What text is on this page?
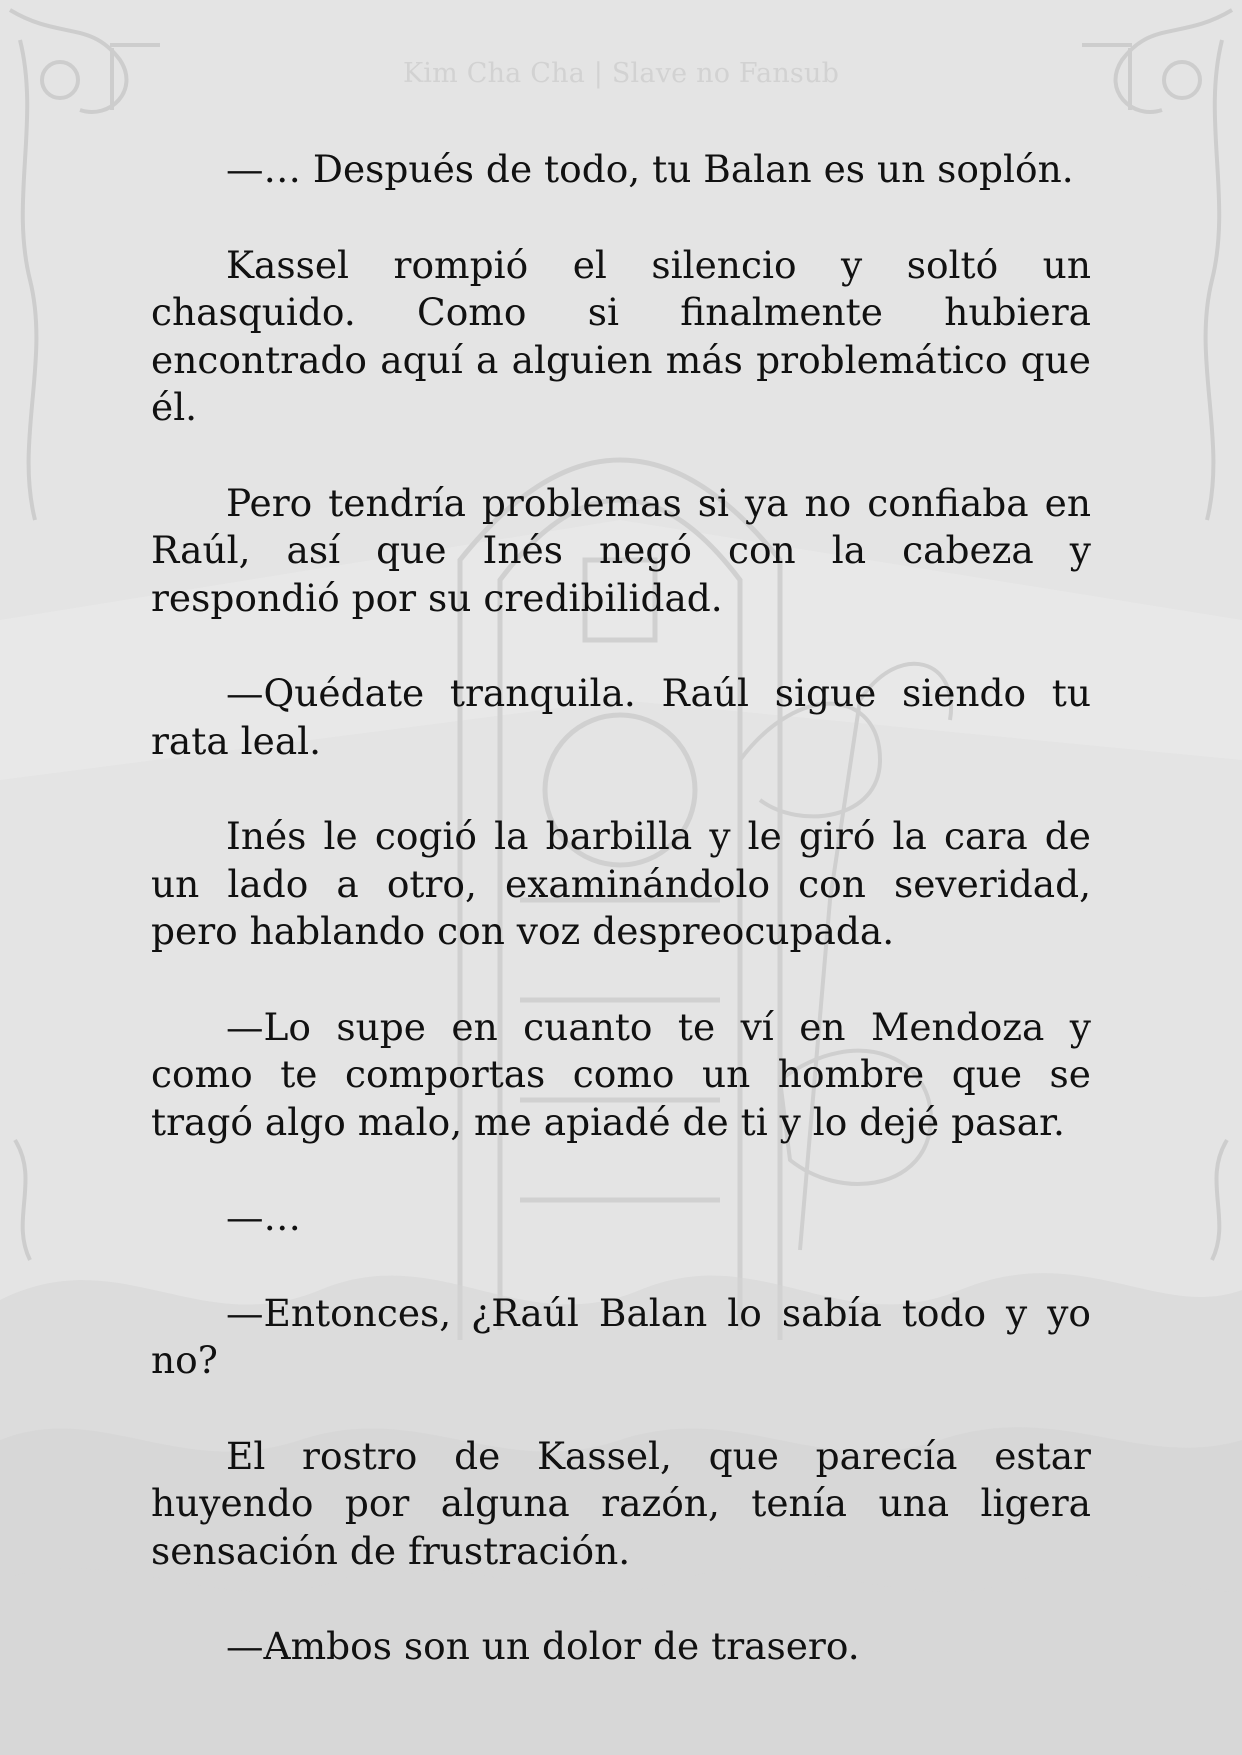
Kim Cha Cha | Slave no Fansub

—… Después de todo, tu Balan es un soplón.

Kassel rompió el silencio y soltó un chasquido. Como si finalmente hubiera encontrado aquí a alguien más problemático que él.

Pero tendría problemas si ya no confiaba en Raúl, así que Inés negó con la cabeza y respondió por su credibilidad.

—Quédate tranquila. Raúl sigue siendo tu rata leal.

Inés le cogió la barbilla y le giró la cara de un lado a otro, examinándolo con severidad, pero hablando con voz despreocupada.

—Lo supe en cuanto te ví en Mendoza y como te comportas como un hombre que se tragó algo malo, me apiadé de ti y lo dejé pasar.

—…

—Entonces, ¿Raúl Balan lo sabía todo y yo no?

El rostro de Kassel, que parecía estar huyendo por alguna razón, tenía una ligera sensación de frustración.

—Ambos son un dolor de trasero.
